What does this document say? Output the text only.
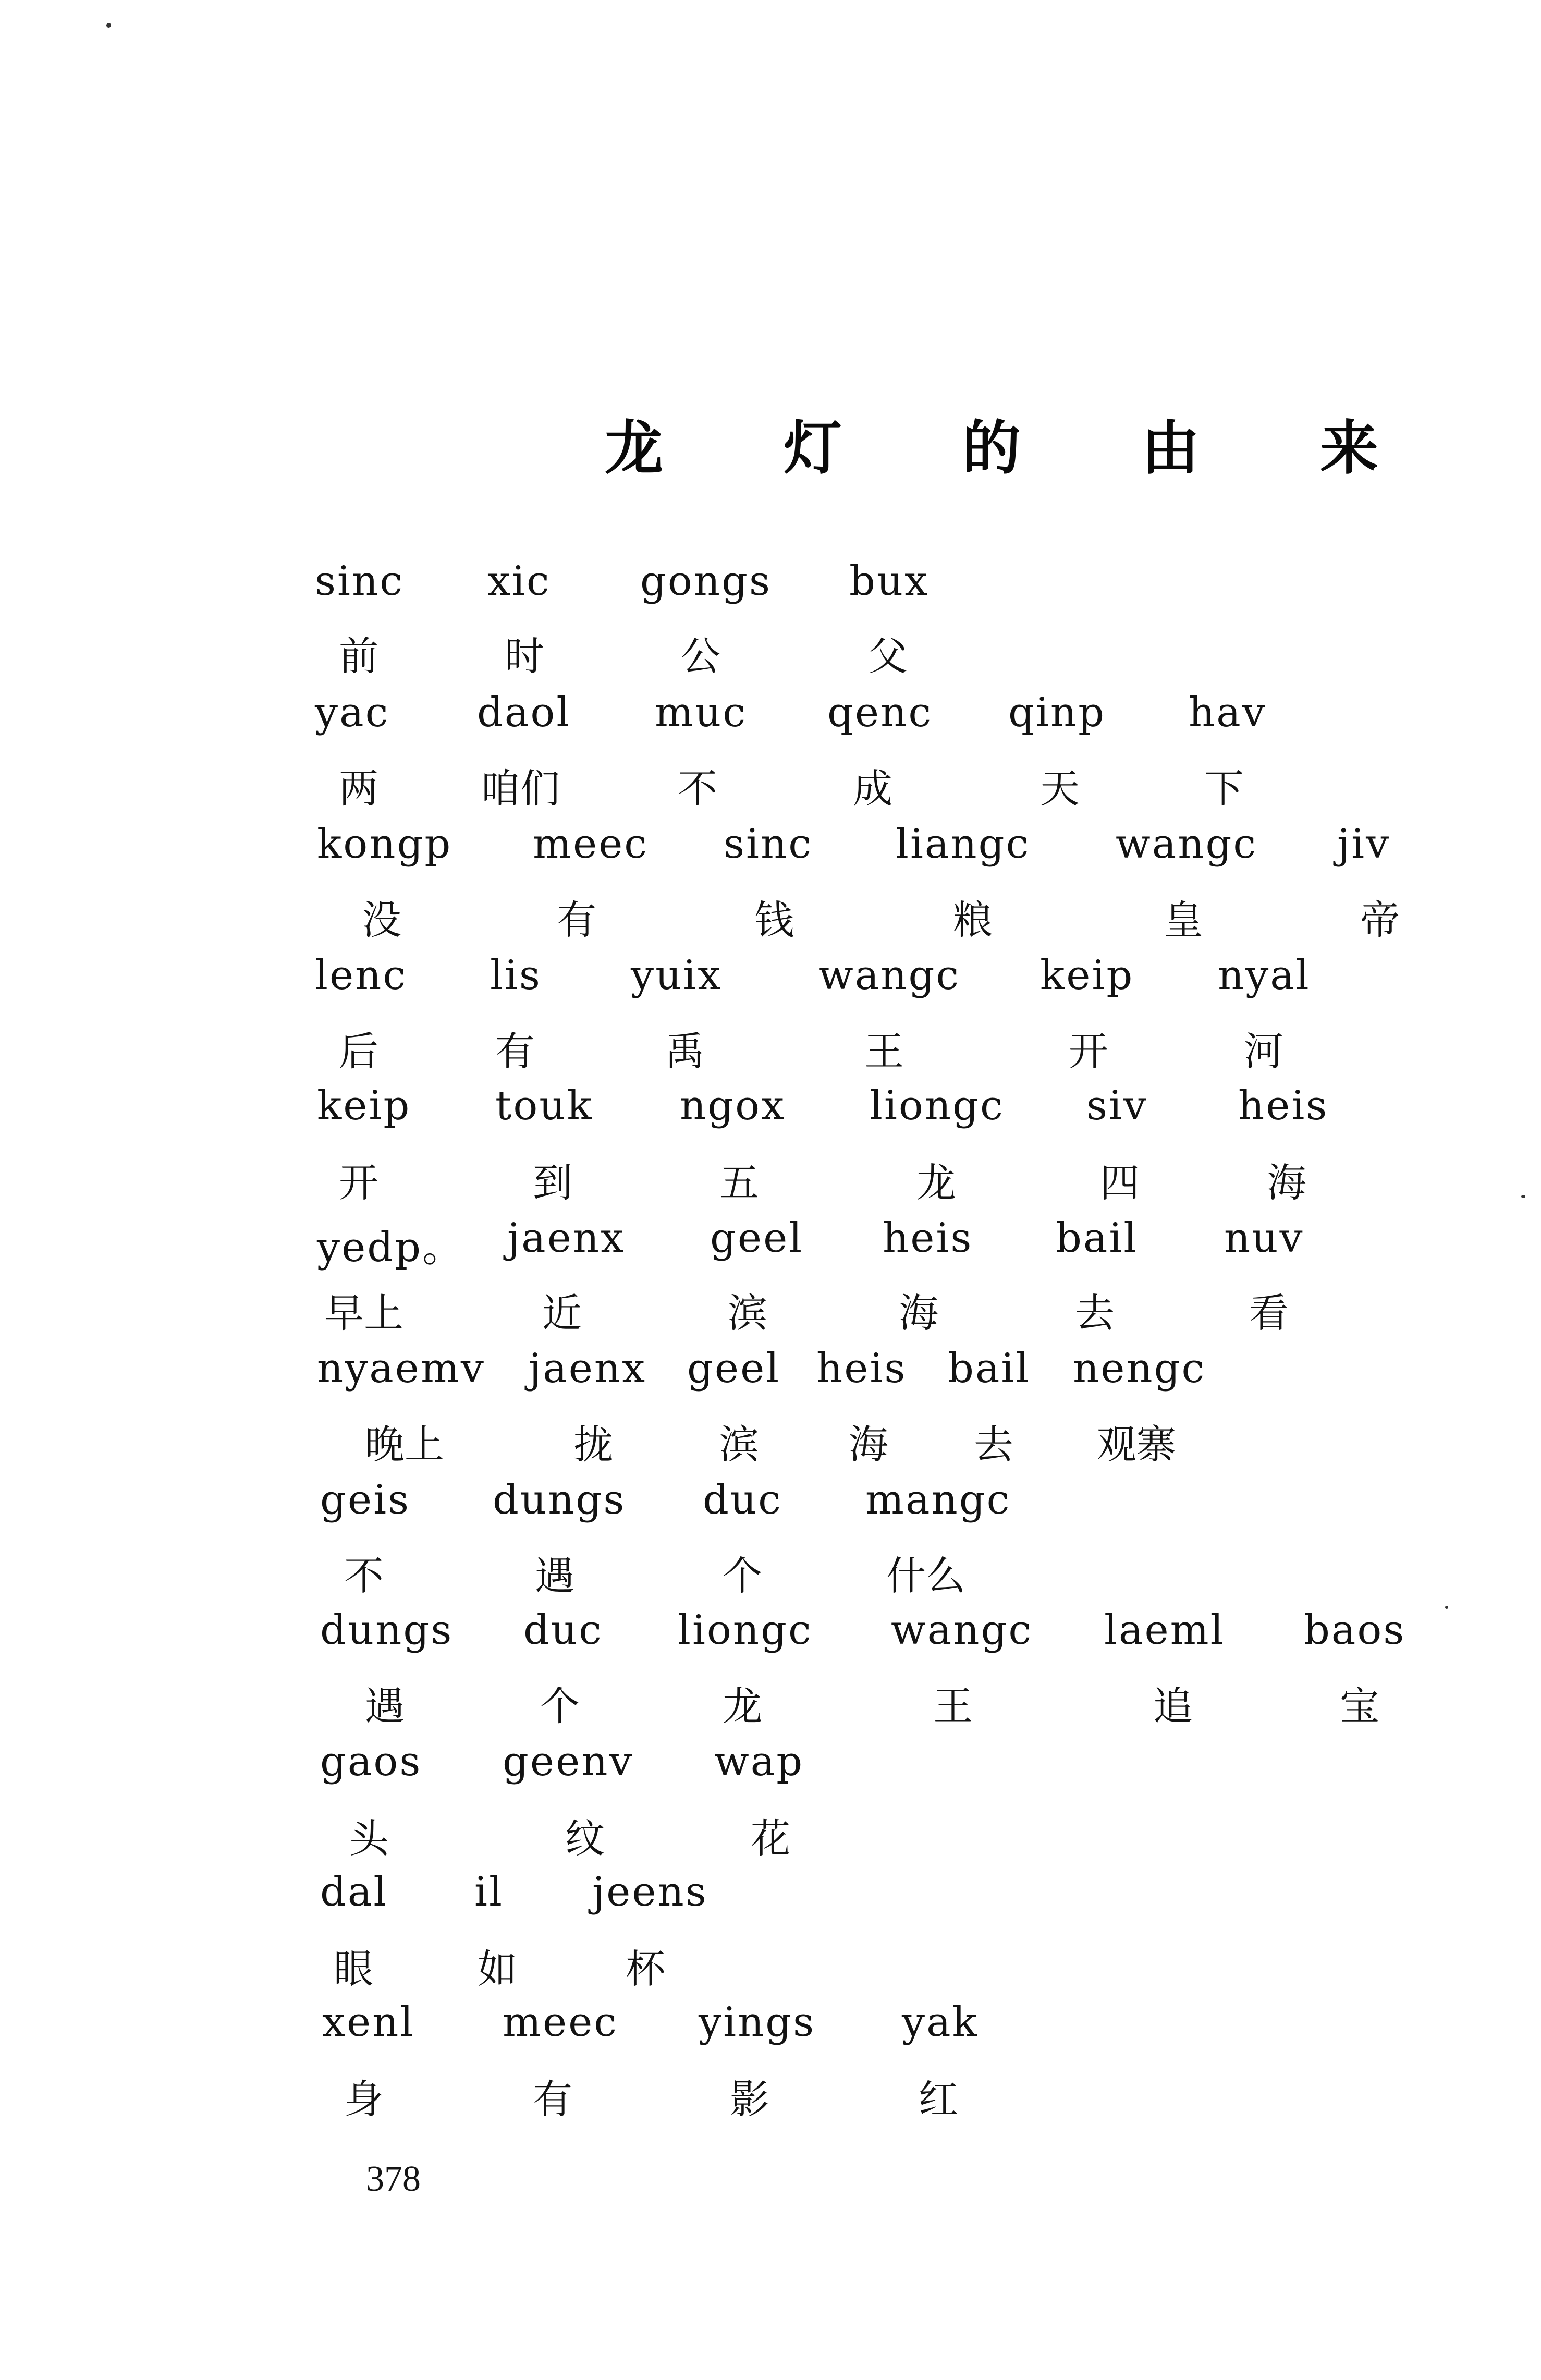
龙 灯 的 由 来
sinc xic gongs bux
前	时	公	父
yac daol muc qenc qinp hav
两	咱们	不	成	天	下
kongp meec sinc liangc wangc jiv
没	有	钱	粮	皇	帝
lenc lis yuix wangc keip nyal
后	有	禹	王	开	河
keip touk ngox liongc siv heis
开	到	五	龙	四	海
yedp。 jaenx geel heis bail nuv
早上	近	滨	海	去	看
nyaemv jaenx geel heis bail nengc
晚上	拢	滨 海 去 观寨
geis dungs duc mangc
不	遇	个	什么
dungs duc liongc wangc laeml baos
遇	个	龙	王	追	宝
gaos geenv wap
头	纹	花
dal il jeens
眼	如	杯
xenl meec yings yak
身	有	影	红
378
